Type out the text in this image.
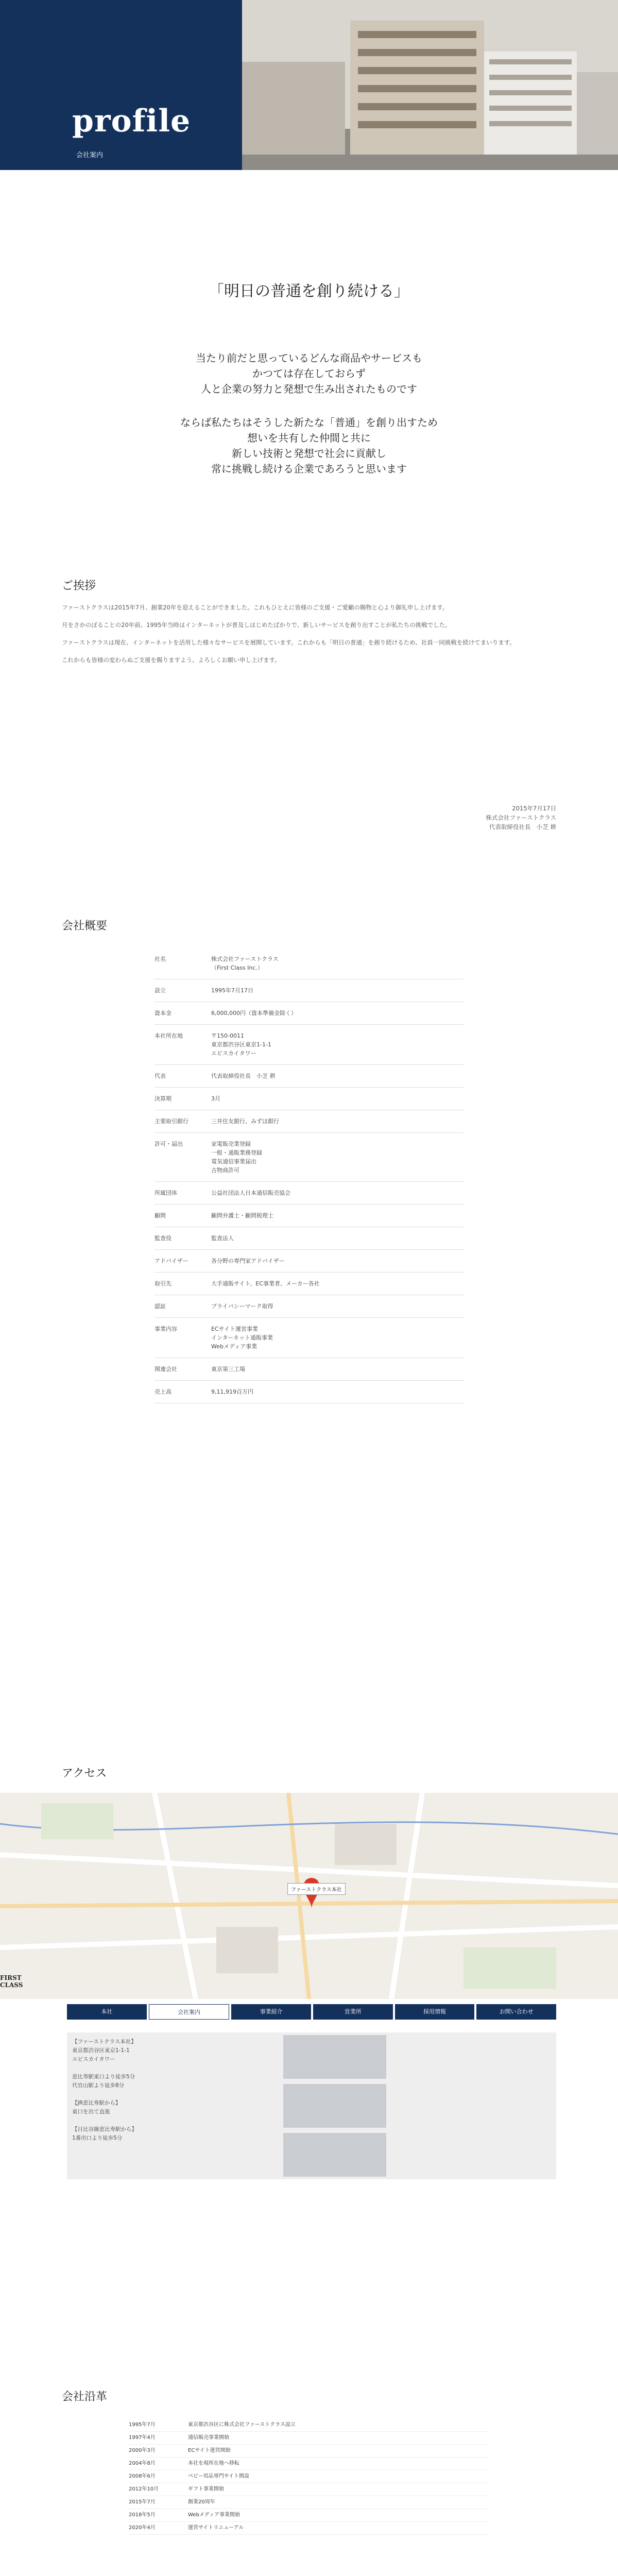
profile
会社案内
「明日の普通を創り続ける」

当たり前だと思っているどんな商品やサービスも

かつては存在しておらず

人と企業の努力と発想で生み出されたものです

ならば私たちはそうした新たな「普通」を創り出すため

想いを共有した仲間と共に

新しい技術と発想で社会に貢献し

常に挑戦し続ける企業であろうと思います

ご挨拶

ファーストクラスは2015年7月、創業20年を迎えることができました。これもひとえに皆様のご支援・ご愛顧の賜物と心より御礼申し上げます。

月をさかのぼることの20年前、1995年当時はインターネットが普及しはじめたばかりで、新しいサービスを創り出すことが私たちの挑戦でした。

ファーストクラスは現在、インターネットを活用した様々なサービスを展開しています。これからも「明日の普通」を創り続けるため、社員一同挑戦を続けてまいります。

これからも皆様の変わらぬご支援を賜りますよう、よろしくお願い申し上げます。

2015年7月17日
株式会社ファーストクラス
代表取締役社長　小芝 耕
会社概要
社名	株式会社ファーストクラス
（First Class Inc.）
設立	1995年7月17日
資本金	6,000,000円（資本準備金除く）
本社所在地	〒150-0011
東京都渋谷区東京1-1-1
エビスカイタワー
代表	代表取締役社長　小芝 耕
決算期	3月
主要取引銀行	三井住友銀行、みずほ銀行
許可・届出	家電販売業登録
一般・通販業務登録
電気通信事業届出
古物商許可
所属団体	公益社団法人日本通信販売協会
顧問	顧問弁護士・顧問税理士
監査役	監査法人
アドバイザー	各分野の専門家アドバイザー
取引先	大手通販サイト、EC事業者、メーカー各社
認証	プライバシーマーク取得
事業内容	ECサイト運営事業
インターネット通販事業
Webメディア事業
関連会社	東京第三工場
売上高	9,11,919百万円
アクセス
ファーストクラス本社
FIRST CLASS
本社	会社案内	事業紹介	営業所	採用情報	お問い合わせ
【ファーストクラス本社】
東京都渋谷区東京1-1-1
エビスカイタワー

恵比寿駅東口より徒歩5分
代官山駅より徒歩8分

【JR恵比寿駅から】
東口を出て直進

【日比谷線恵比寿駅から】
1番出口より徒歩5分
会社沿革
1995年7月	東京都渋谷区に株式会社ファーストクラス設立
1997年4月	通信販売事業開始
2000年3月	ECサイト運営開始
2004年8月	本社を現所在地へ移転
2008年6月	ベビー用品専門サイト開設
2012年10月	ギフト事業開始
2015年7月	創業20周年
2018年5月	Webメディア事業開始
2020年4月	運営サイトリニューアル
